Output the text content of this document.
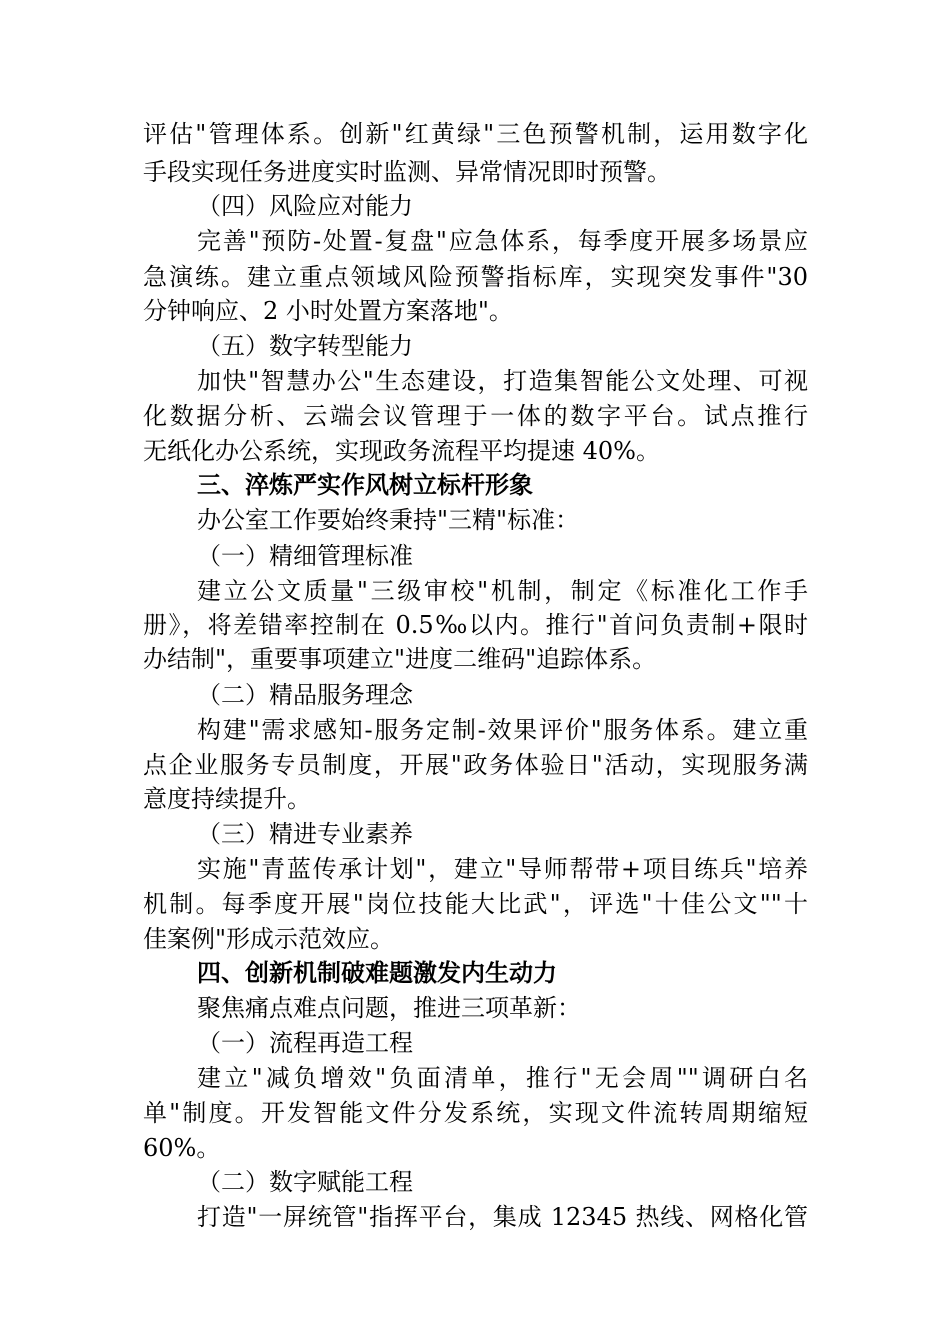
评估"管理体系。创新"红黄绿"三色预警机制，运用数字化
手段实现任务进度实时监测、异常情况即时预警。
（四）风险应对能力
完善"预防-处置-复盘"应急体系，每季度开展多场景应
急演练。建立重点领域风险预警指标库，实现突发事件"30
分钟响应、2 小时处置方案落地"。
（五）数字转型能力
加快"智慧办公"生态建设，打造集智能公文处理、可视
化数据分析、云端会议管理于一体的数字平台。试点推行
无纸化办公系统，实现政务流程平均提速 40%。
三、淬炼严实作风树立标杆形象
办公室工作要始终秉持"三精"标准：
（一）精细管理标准
建立公文质量"三级审校"机制，制定《标准化工作手
册》，将差错率控制在 0.5‰以内。推行"首问负责制+限时
办结制"，重要事项建立"进度二维码"追踪体系。
（二）精品服务理念
构建"需求感知-服务定制-效果评价"服务体系。建立重
点企业服务专员制度，开展"政务体验日"活动，实现服务满
意度持续提升。
（三）精进专业素养
实施"青蓝传承计划"，建立"导师帮带+项目练兵"培养
机制。每季度开展"岗位技能大比武"，评选"十佳公文""十
佳案例"形成示范效应。
四、创新机制破难题激发内生动力
聚焦痛点难点问题，推进三项革新：
（一）流程再造工程
建立"减负增效"负面清单，推行"无会周""调研白名
单"制度。开发智能文件分发系统，实现文件流转周期缩短
60%。
（二）数字赋能工程
打造"一屏统管"指挥平台，集成 12345 热线、网格化管
